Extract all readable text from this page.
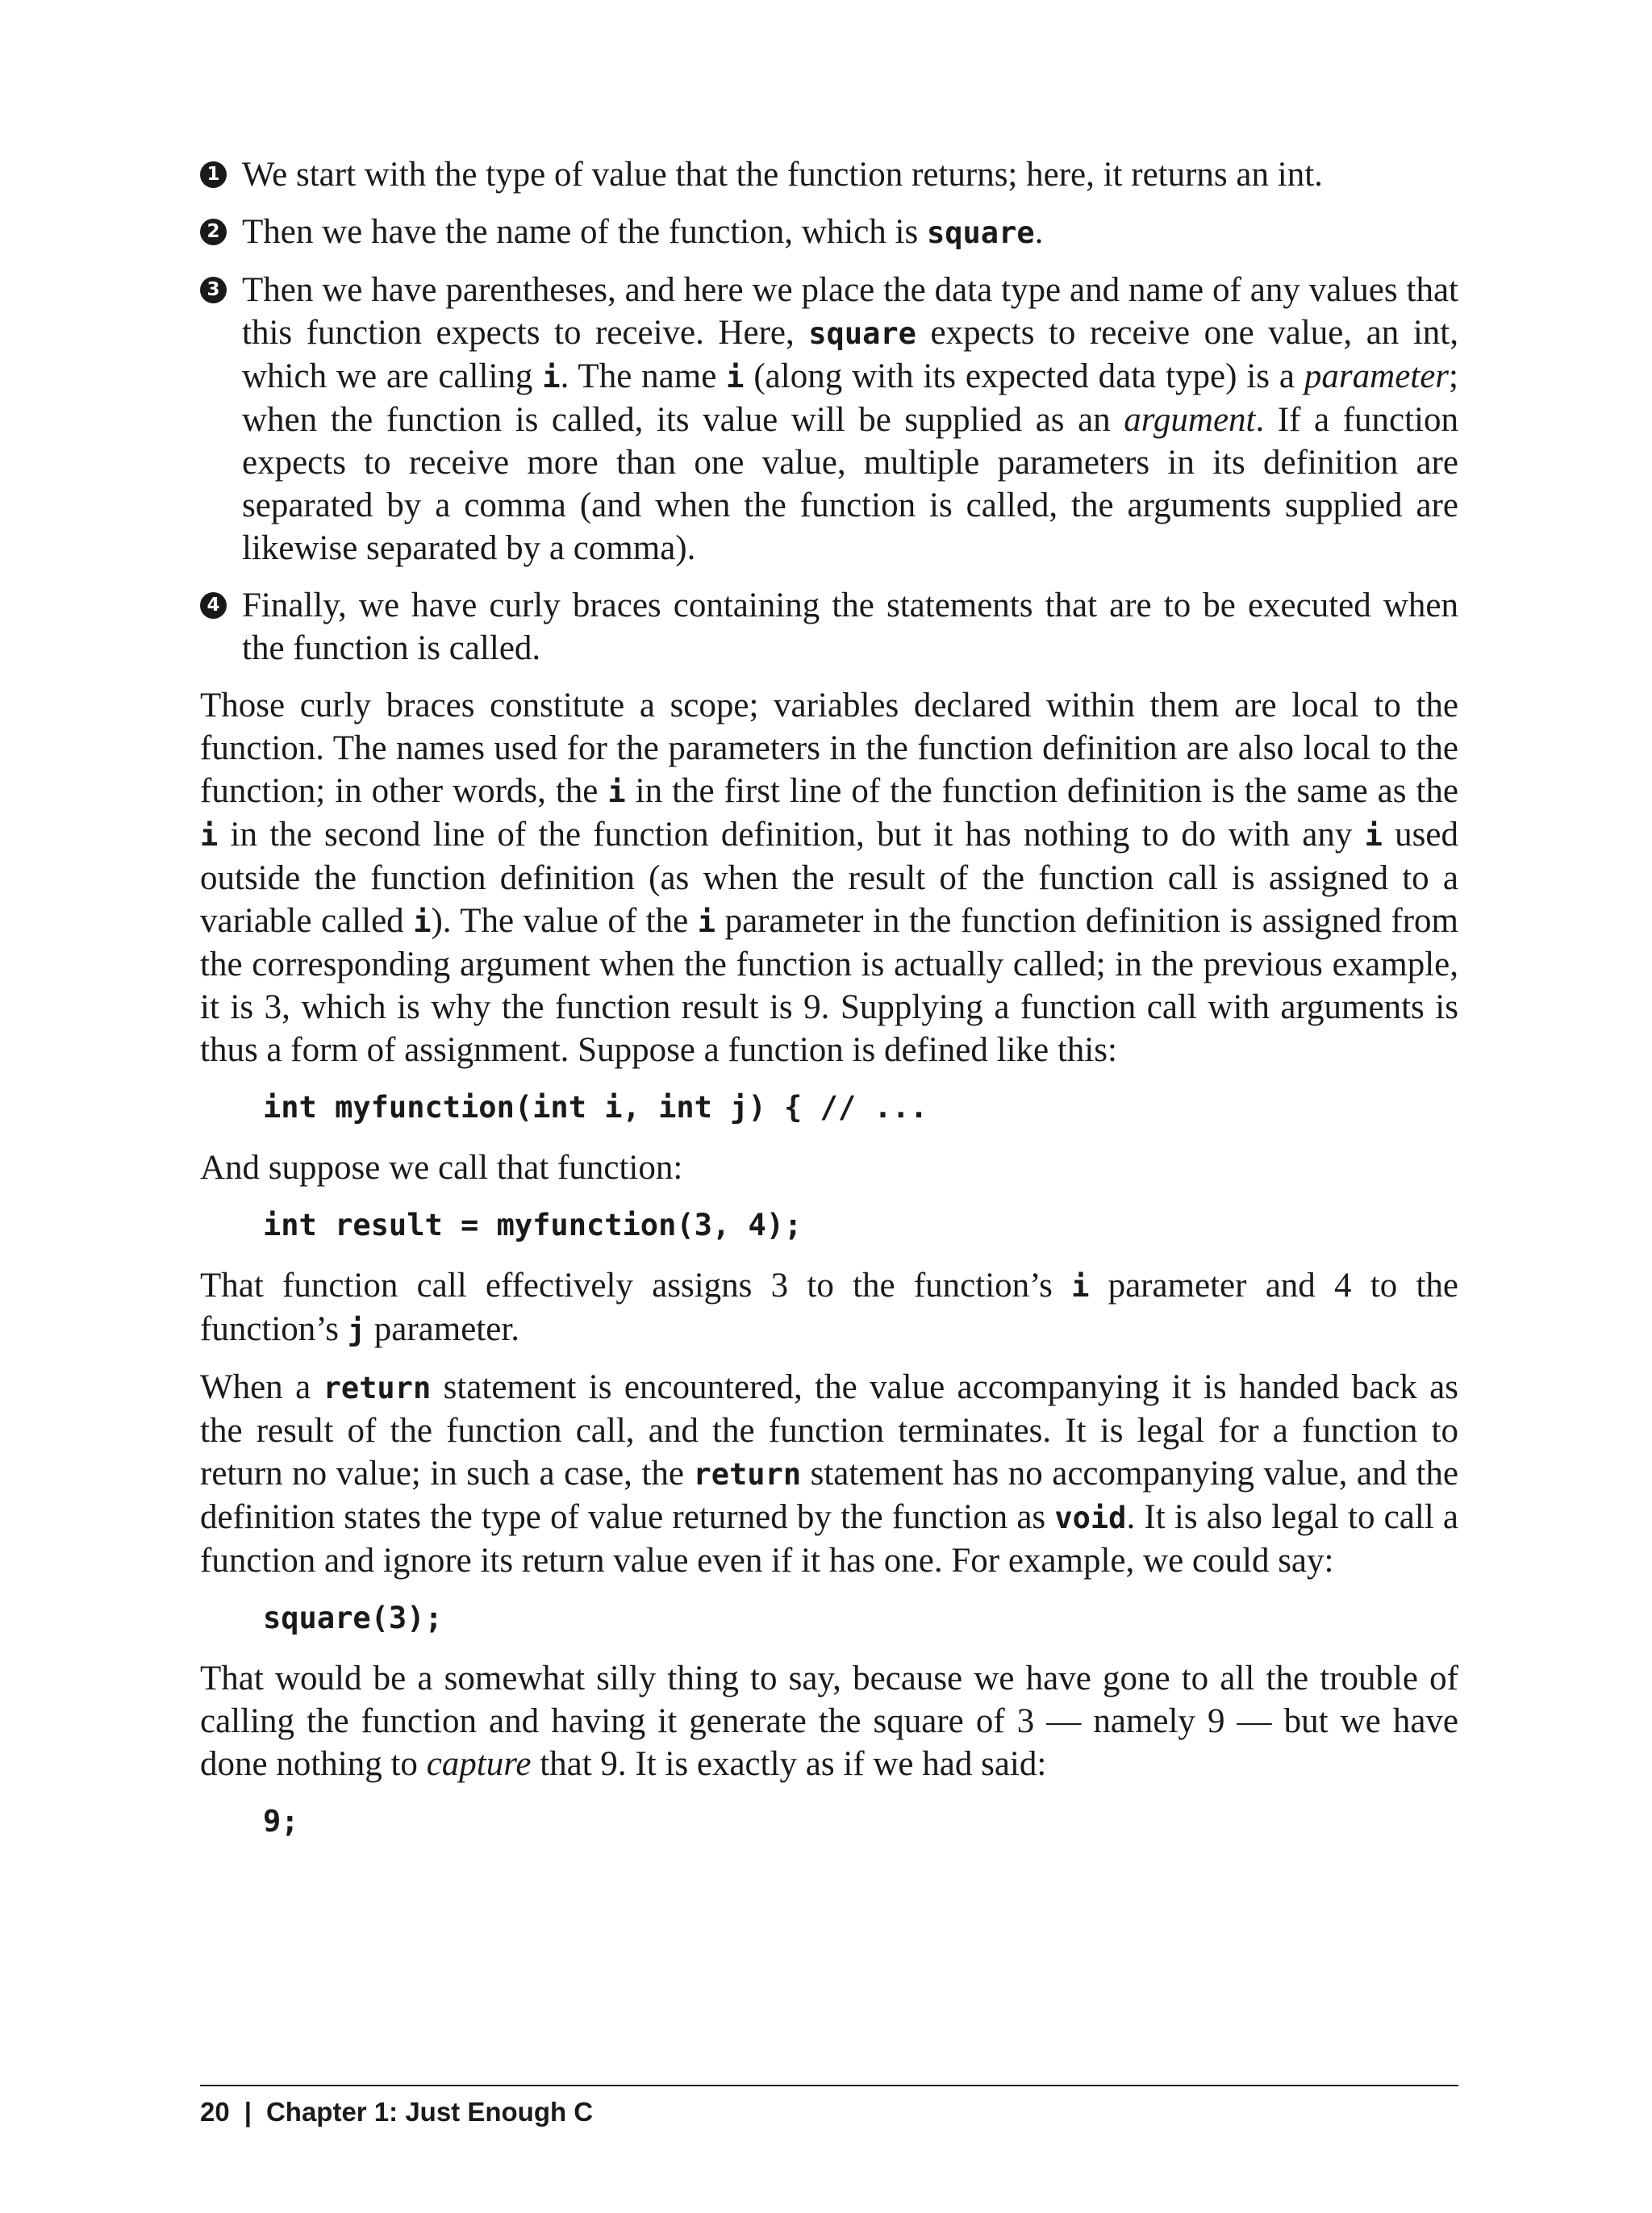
1 We start with the type of value that the function returns; here, it returns an int.
2 Then we have the name of the function, which is square.
3 Then we have parentheses, and here we place the data type and name of any values that this function expects to receive. Here, square expects to receive one value, an int, which we are calling i. The name i (along with its expected data type) is a parameter; when the function is called, its value will be supplied as an argument. If a function expects to receive more than one value, multiple parameters in its definition are separated by a comma (and when the function is called, the arguments supplied are likewise separated by a comma).
4 Finally, we have curly braces containing the statements that are to be executed when the function is called.

Those curly braces constitute a scope; variables declared within them are local to the function. The names used for the parameters in the function definition are also local to the function; in other words, the i in the first line of the function definition is the same as the i in the second line of the function definition, but it has nothing to do with any i used outside the function definition (as when the result of the function call is assigned to a variable called i). The value of the i parameter in the function definition is assigned from the corresponding argument when the function is actually called; in the previous example, it is 3, which is why the function result is 9. Supplying a function call with arguments is thus a form of assignment. Suppose a function is defined like this:

int myfunction(int i, int j) { // ...

And suppose we call that function:

int result = myfunction(3, 4);

That function call effectively assigns 3 to the function’s i parameter and 4 to the function’s j parameter.

When a return statement is encountered, the value accompanying it is handed back as the result of the function call, and the function terminates. It is legal for a function to return no value; in such a case, the return statement has no accompanying value, and the definition states the type of value returned by the function as void. It is also legal to call a function and ignore its return value even if it has one. For example, we could say:

square(3);

That would be a somewhat silly thing to say, because we have gone to all the trouble of calling the function and having it generate the square of 3 — namely 9 — but we have done nothing to capture that 9. It is exactly as if we had said:

9;
20 | Chapter 1: Just Enough C
